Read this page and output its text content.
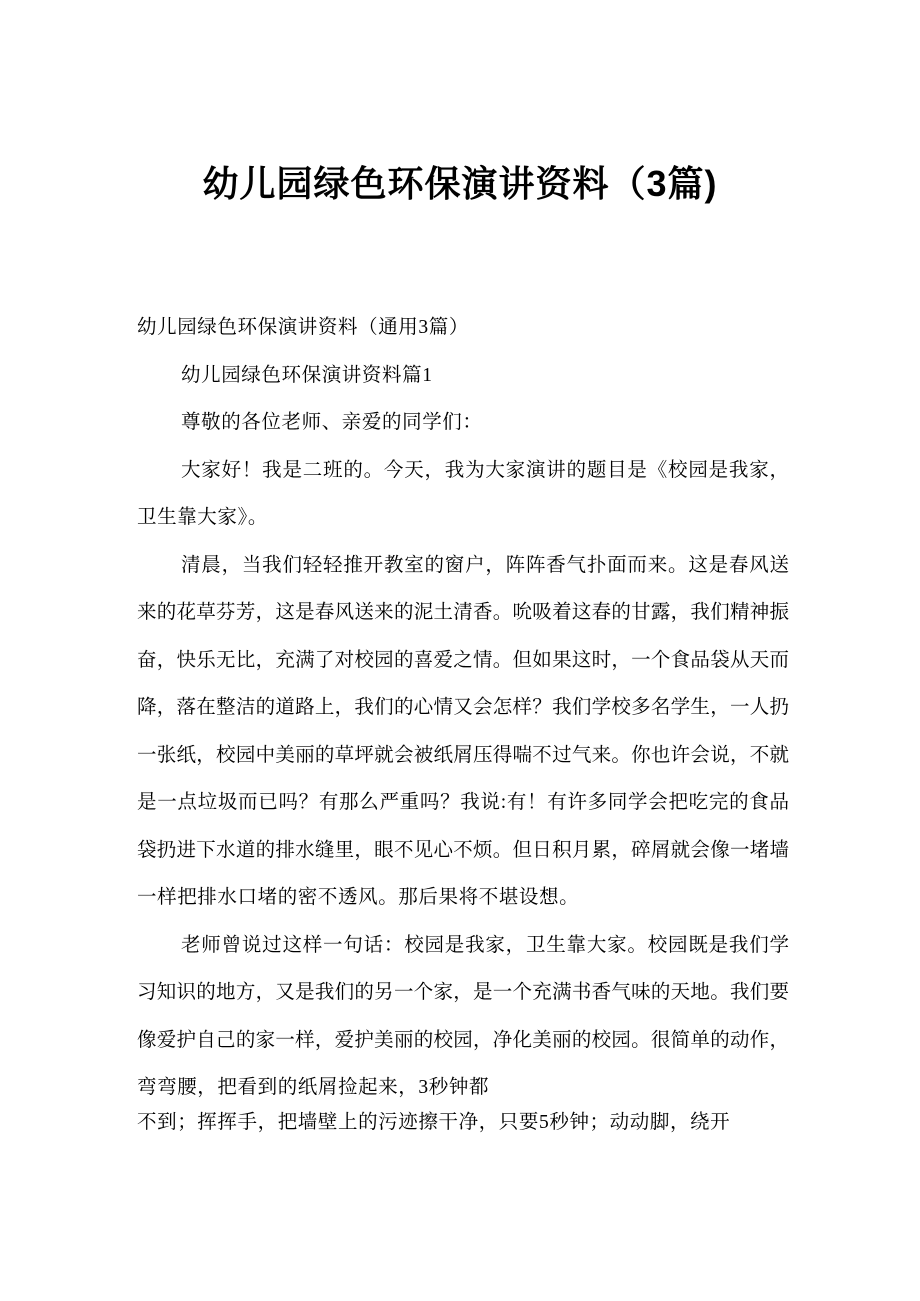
幼儿园绿色环保演讲资料（3篇)
幼儿园绿色环保演讲资料（通用3篇）
幼儿园绿色环保演讲资料篇1
尊敬的各位老师、亲爱的同学们：
大家好！我是二班的。今天，我为大家演讲的题目是《校园是我家，
卫生靠大家》。
清晨，当我们轻轻推开教室的窗户，阵阵香气扑面而来。这是春风送
来的花草芬芳，这是春风送来的泥土清香。吮吸着这春的甘露，我们精神振
奋，快乐无比，充满了对校园的喜爱之情。但如果这时，一个食品袋从天而
降，落在整洁的道路上，我们的心情又会怎样？我们学校多名学生，一人扔
一张纸，校园中美丽的草坪就会被纸屑压得喘不过气来。你也许会说，不就
是一点垃圾而已吗？有那么严重吗？我说:有！有许多同学会把吃完的食品
袋扔进下水道的排水缝里，眼不见心不烦。但日积月累，碎屑就会像一堵墙
一样把排水口堵的密不透风。那后果将不堪设想。
老师曾说过这样一句话：校园是我家，卫生靠大家。校园既是我们学
习知识的地方，又是我们的另一个家，是一个充满书香气味的天地。我们要
像爱护自己的家一样，爱护美丽的校园，净化美丽的校园。很简单的动作，
弯弯腰，把看到的纸屑捡起来，3秒钟都
不到；挥挥手，把墙壁上的污迹擦干净，只要5秒钟；动动脚，绕开
